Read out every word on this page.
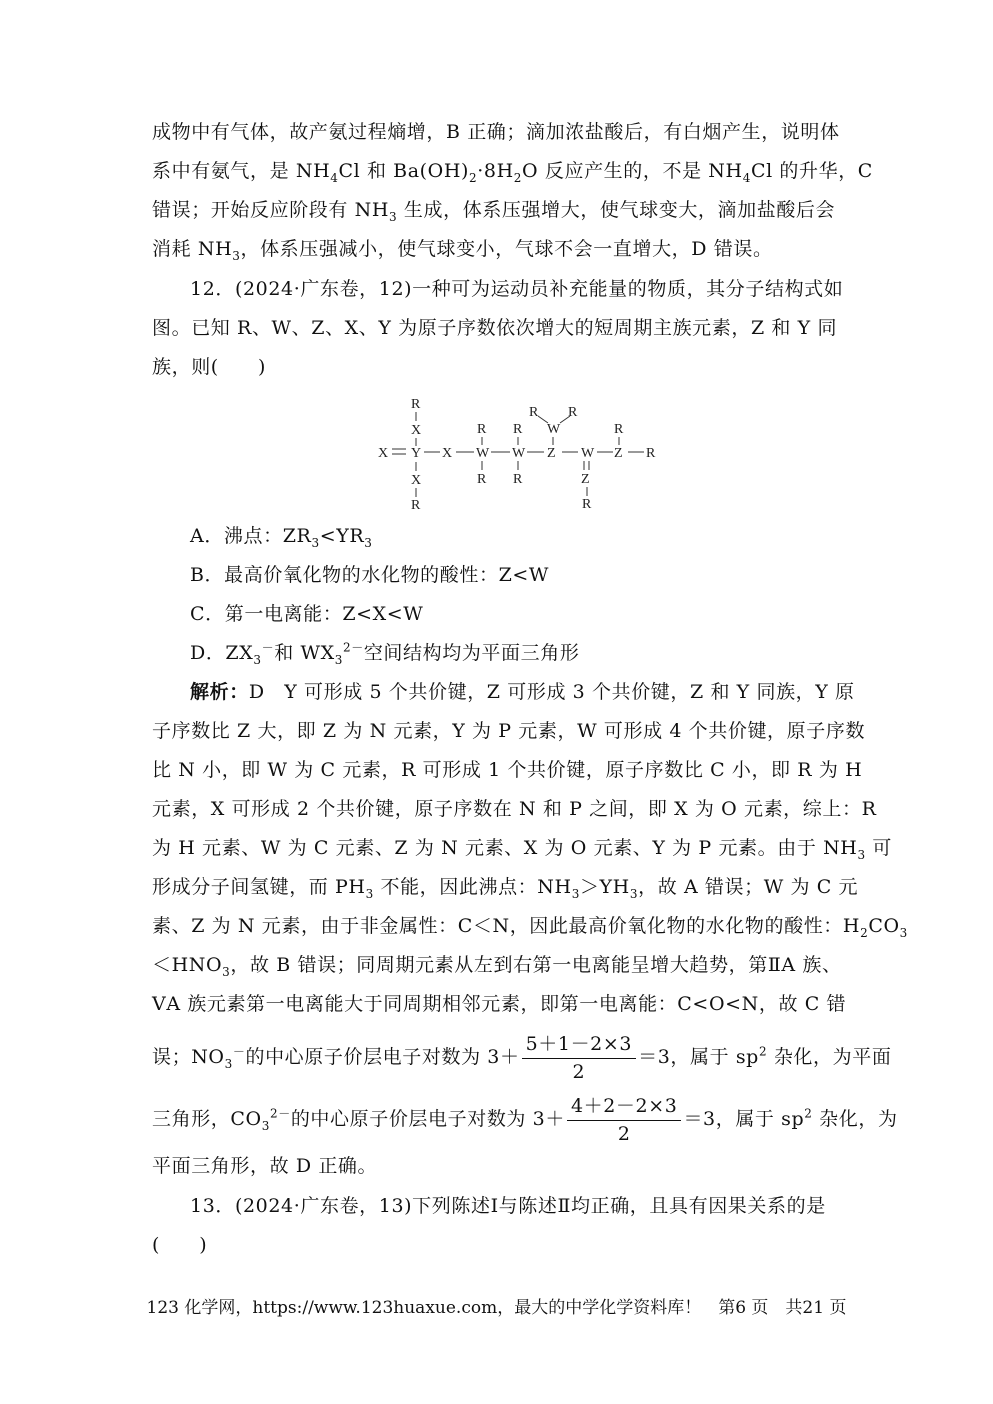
成物中有气体，故产氨过程熵增，B 正确；滴加浓盐酸后，有白烟产生，说明体
系中有氨气，是 $NH_4Cl$ 和 $Ba(OH)_2\cdot 8H_2O$ 反应产生的，不是 $NH_4Cl$ 的升华，C
错误；开始反应阶段有 $NH_3$ 生成，体系压强增大，使气球变大，滴加盐酸后会
消耗 $NH_3$，体系压强减小，使气球变小，气球不会一直增大，D 错误。
12．(2024·广东卷，12)一种可为运动员补充能量的物质，其分子结构式如
图。已知 R、W、Z、X、Y 为原子序数依次增大的短周期主族元素，Z 和 Y 同
族，则(　　)
R
X
X Y X
X
R
R
W
R
R
W
R
R R
W
Z W
Z
R
R
Z R
A．沸点：$ZR_3<YR_3$
B．最高价氧化物的水化物的酸性：Z<W
C．第一电离能：Z<X<W
D．$ZX_3^-$和 $WX_3^{2-}$空间结构均为平面三角形
解析：D　Y 可形成 5 个共价键，Z 可形成 3 个共价键，Z 和 Y 同族，Y 原
子序数比 Z 大，即 Z 为 N 元素，Y 为 P 元素，W 可形成 4 个共价键，原子序数
比 N 小，即 W 为 C 元素，R 可形成 1 个共价键，原子序数比 C 小，即 R 为 H
元素，X 可形成 2 个共价键，原子序数在 N 和 P 之间，即 X 为 O 元素，综上：R
为 H 元素、W 为 C 元素、Z 为 N 元素、X 为 O 元素、Y 为 P 元素。由于 $NH_3$ 可
形成分子间氢键，而 $PH_3$ 不能，因此沸点：$NH_3>YH_3$，故 A 错误；W 为 C 元
素、Z 为 N 元素，由于非金属性：C＜N，因此最高价氧化物的水化物的酸性：$H_2CO_3$
$<HNO_3$，故 B 错误；同周期元素从左到右第一电离能呈增大趋势，第ⅡA 族、
ⅤA 族元素第一电离能大于同周期相邻元素，即第一电离能：C<O<N，故 C 错
误；$NO_3^-$的中心原子价层电子对数为 $3+ \frac{5+1-2\times 3}{2} =3$，属于 $sp^2$ 杂化，为平面
三角形，$CO_3^{2-}$的中心原子价层电子对数为 $3+ \frac{4+2-2\times 3}{2} =3$，属于 $sp^2$ 杂化，为
平面三角形，故 D 正确。
13．(2024·广东卷，13)下列陈述Ⅰ与陈述Ⅱ均正确，且具有因果关系的是
(　　)
123 化学网，https://www.123huaxue.com，最大的中学化学资料库！　第6 页　共21 页
